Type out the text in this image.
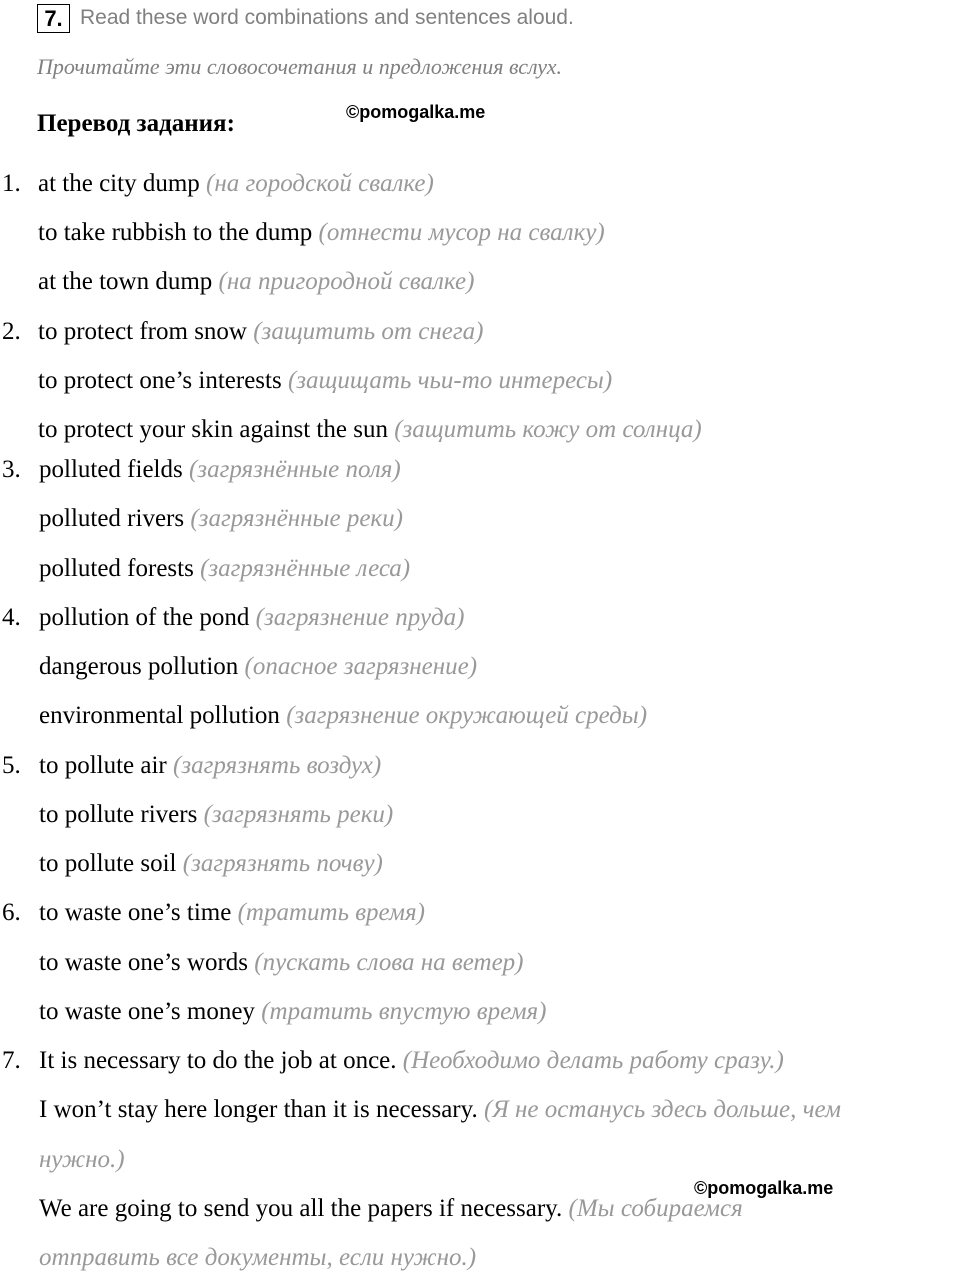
7. Read these word combinations and sentences aloud.
Прочитайте эти словосочетания и предложения вслух.
Перевод задания:	©pomogalka.me
©pomogalka.me
1. at the city dump (на городской свалке)
to take rubbish to the dump (отнести мусор на свалку)
at the town dump (на пригородной свалке)
2. to protect from snow (защитить от снега)
to protect one’s interests (защищать чьи-то интересы)
to protect your skin against the sun (защитить кожу от солнца)
3. polluted fields (загрязнённые поля)
polluted rivers (загрязнённые реки)
polluted forests (загрязнённые леса)
4. pollution of the pond (загрязнение пруда)
dangerous pollution (опасное загрязнение)
environmental pollution (загрязнение окружающей среды)
5. to pollute air (загрязнять воздух)
to pollute rivers (загрязнять реки)
to pollute soil (загрязнять почву)
6. to waste one’s time (тратить время)
to waste one’s words (пускать слова на ветер)
to waste one’s money (тратить впустую время)
7. It is necessary to do the job at once. (Необходимо делать работу сразу.)
I won’t stay here longer than it is necessary. (Я не останусь здесь дольше, чем
нужно.)
We are going to send you all the papers if necessary. (Мы собираемся
отправить все документы, если нужно.)
